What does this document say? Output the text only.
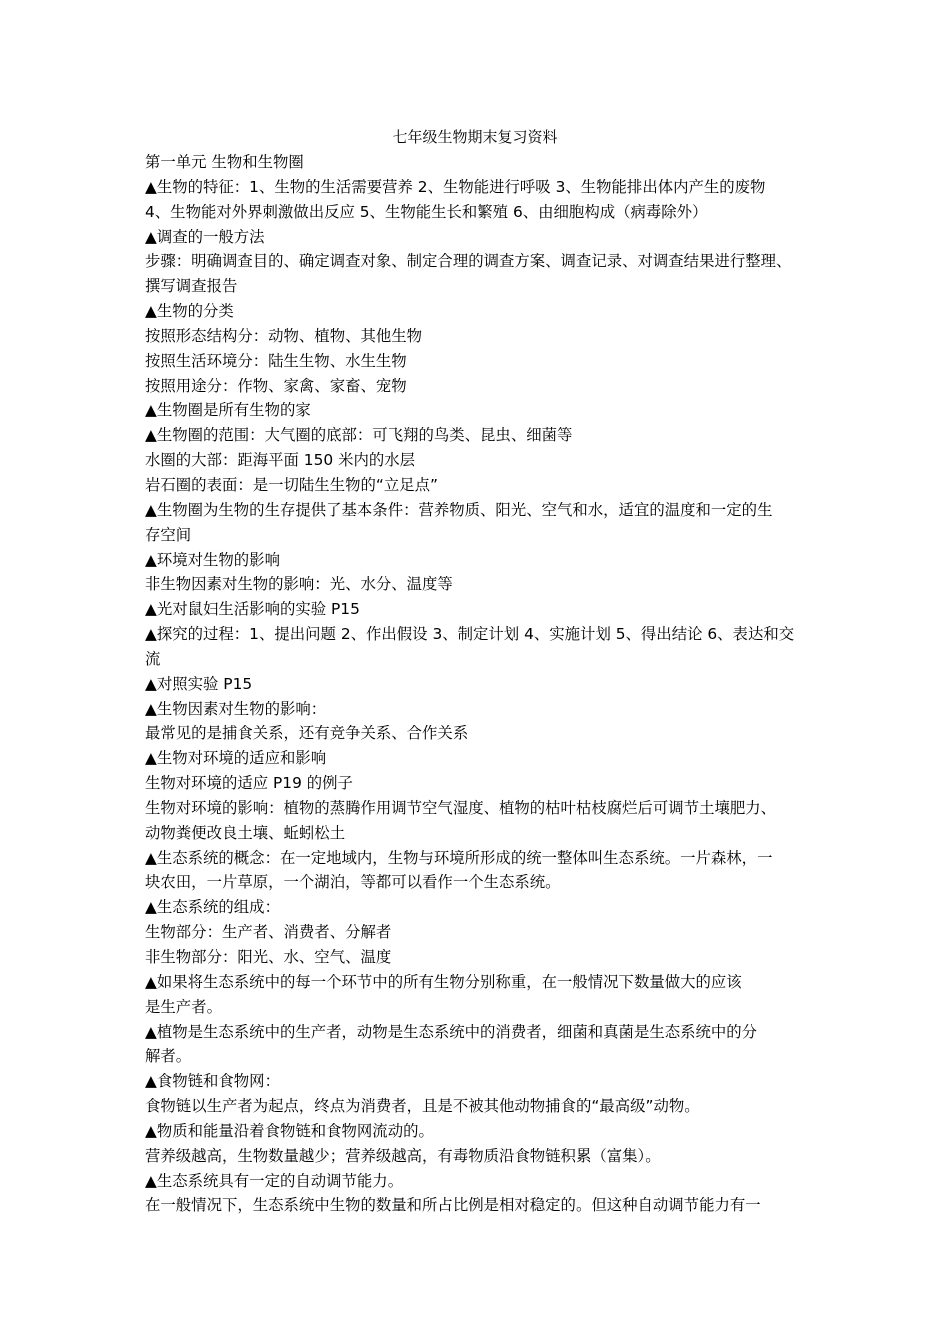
七年级生物期末复习资料
第一单元 生物和生物圈
▲生物的特征：1、生物的生活需要营养 2、生物能进行呼吸 3、生物能排出体内产生的废物
4、生物能对外界刺激做出反应 5、生物能生长和繁殖 6、由细胞构成（病毒除外）
▲调查的一般方法
步骤：明确调查目的、确定调查对象、制定合理的调查方案、调查记录、对调查结果进行整理、
撰写调查报告
▲生物的分类
按照形态结构分：动物、植物、其他生物
按照生活环境分：陆生生物、水生生物
按照用途分：作物、家禽、家畜、宠物
▲生物圈是所有生物的家
▲生物圈的范围：大气圈的底部：可飞翔的鸟类、昆虫、细菌等
水圈的大部：距海平面 150 米内的水层
岩石圈的表面：是一切陆生生物的“立足点”
▲生物圈为生物的生存提供了基本条件：营养物质、阳光、空气和水，适宜的温度和一定的生
存空间
▲环境对生物的影响
非生物因素对生物的影响：光、水分、温度等
▲光对鼠妇生活影响的实验 P15
▲探究的过程：1、提出问题 2、作出假设 3、制定计划 4、实施计划 5、得出结论 6、表达和交
流
▲对照实验 P15
▲生物因素对生物的影响：
最常见的是捕食关系，还有竞争关系、合作关系
▲生物对环境的适应和影响
生物对环境的适应 P19 的例子
生物对环境的影响：植物的蒸腾作用调节空气湿度、植物的枯叶枯枝腐烂后可调节土壤肥力、
动物粪便改良土壤、蚯蚓松土
▲生态系统的概念：在一定地域内，生物与环境所形成的统一整体叫生态系统。一片森林，一
块农田，一片草原，一个湖泊，等都可以看作一个生态系统。
▲生态系统的组成：
生物部分：生产者、消费者、分解者
非生物部分：阳光、水、空气、温度
▲如果将生态系统中的每一个环节中的所有生物分别称重，在一般情况下数量做大的应该
是生产者。
▲植物是生态系统中的生产者，动物是生态系统中的消费者，细菌和真菌是生态系统中的分
解者。
▲食物链和食物网：
食物链以生产者为起点，终点为消费者，且是不被其他动物捕食的“最高级”动物。
▲物质和能量沿着食物链和食物网流动的。
营养级越高，生物数量越少；营养级越高，有毒物质沿食物链积累（富集）。
▲生态系统具有一定的自动调节能力。
在一般情况下，生态系统中生物的数量和所占比例是相对稳定的。但这种自动调节能力有一
